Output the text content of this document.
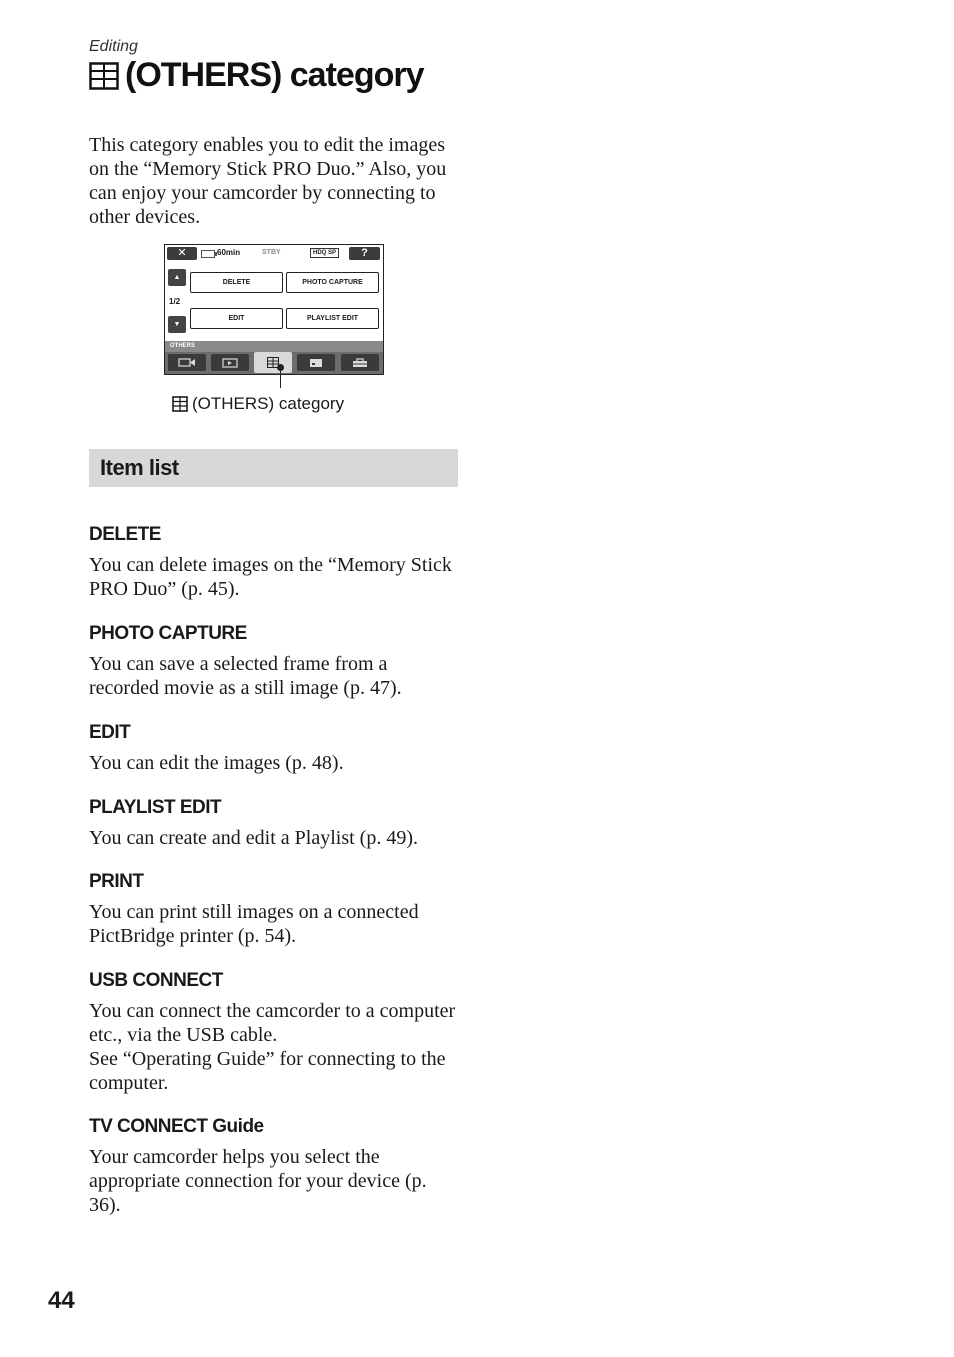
Editing
(OTHERS) category

This category enables you to edit the images on the “Memory Stick PRO Duo.” Also, you can enjoy your camcorder by connecting to other devices.

✕	60min	STBY	HDQ SP	?
▲
1/2
▼
DELETE	PHOTO CAPTURE
EDIT	PLAYLIST EDIT
OTHERS
(OTHERS) category
Item list
DELETE

You can delete images on the “Memory Stick PRO Duo” (p. 45).

PHOTO CAPTURE

You can save a selected frame from a recorded movie as a still image (p. 47).

EDIT

You can edit the images (p. 48).

PLAYLIST EDIT

You can create and edit a Playlist (p. 49).

PRINT

You can print still images on a connected PictBridge printer (p. 54).

USB CONNECT

You can connect the camcorder to a computer etc., via the USB cable.

See “Operating Guide” for connecting to the computer.

TV CONNECT Guide

Your camcorder helps you select the appropriate connection for your device (p. 36).

44
